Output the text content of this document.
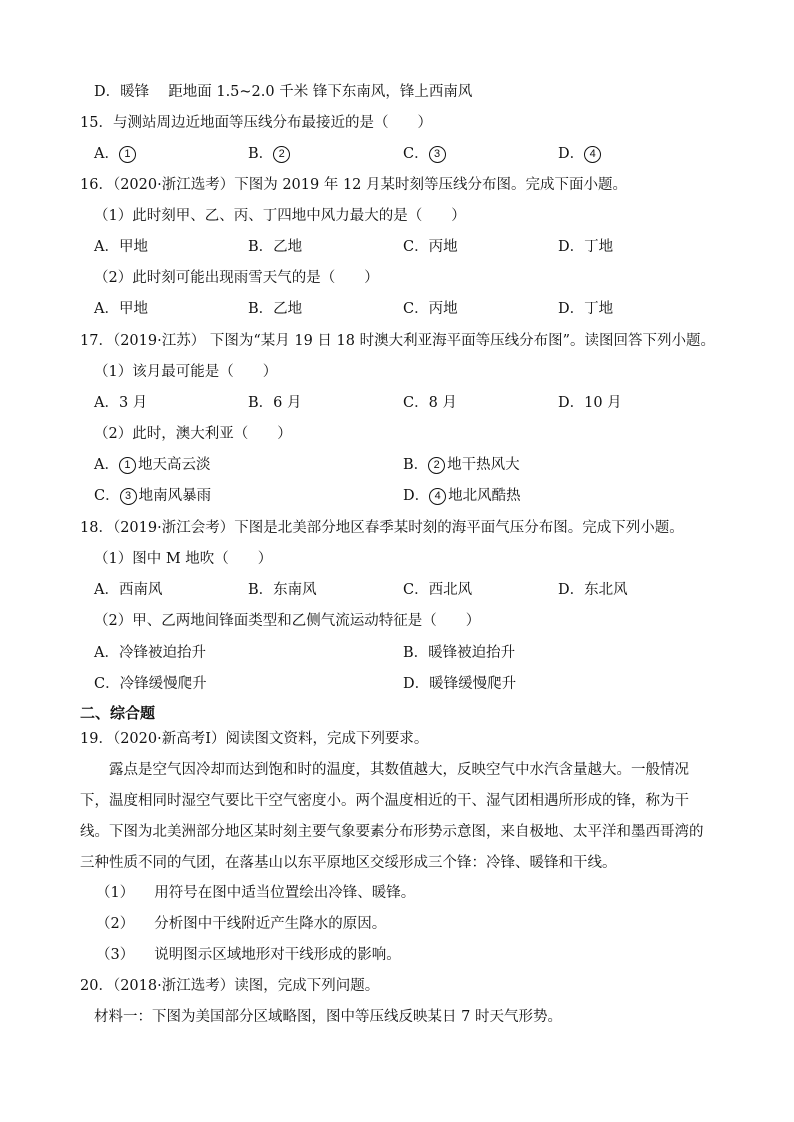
D．暖锋　 距地面 1.5~2.0 千米 锋下东南风，锋上西南风
15．与测站周边近地面等压线分布最接近的是（　　）
A． 1	B． 2	C． 3	D． 4
16．（2020·浙江选考）下图为 2019 年 12 月某时刻等压线分布图。完成下面小题。
（1）此时刻甲、乙、丙、丁四地中风力最大的是（　　）
A．甲地	B．乙地	C．丙地	D．丁地
（2）此时刻可能出现雨雪天气的是（　　）
A．甲地	B．乙地	C．丙地	D．丁地
17．（2019·江苏） 下图为“某月 19 日 18 时澳大利亚海平面等压线分布图”。读图回答下列小题。
（1）该月最可能是（　　）
A．3 月	B．6 月	C．8 月	D．10 月
（2）此时，澳大利亚（　　）
A． 1 地天高云淡	B． 2 地干热风大
C． 3 地南风暴雨	D． 4 地北风酷热
18．（2019·浙江会考）下图是北美部分地区春季某时刻的海平面气压分布图。完成下列小题。
（1）图中 M 地吹（　　）
A．西南风	B．东南风	C．西北风	D．东北风
（2）甲、乙两地间锋面类型和乙侧气流运动特征是（　　）
A．冷锋被迫抬升	B．暖锋被迫抬升
C．冷锋缓慢爬升	D．暖锋缓慢爬升
二、综合题
19．（2020·新高考Ⅰ）阅读图文资料，完成下列要求。
露点是空气因冷却而达到饱和时的温度，其数值越大，反映空气中水汽含量越大。一般情况下，温度相同时湿空气要比干空气密度小。两个温度相近的干、湿气团相遇所形成的锋，称为干线。下图为北美洲部分地区某时刻主要气象要素分布形势示意图，来自极地、太平洋和墨西哥湾的三种性质不同的气团，在落基山以东平原地区交绥形成三个锋：冷锋、暖锋和干线。
（1） 用符号在图中适当位置绘出冷锋、暖锋。
（2） 分析图中干线附近产生降水的原因。
（3） 说明图示区域地形对干线形成的影响。
20．（2018·浙江选考）读图，完成下列问题。
材料一：下图为美国部分区域略图，图中等压线反映某日 7 时天气形势。
